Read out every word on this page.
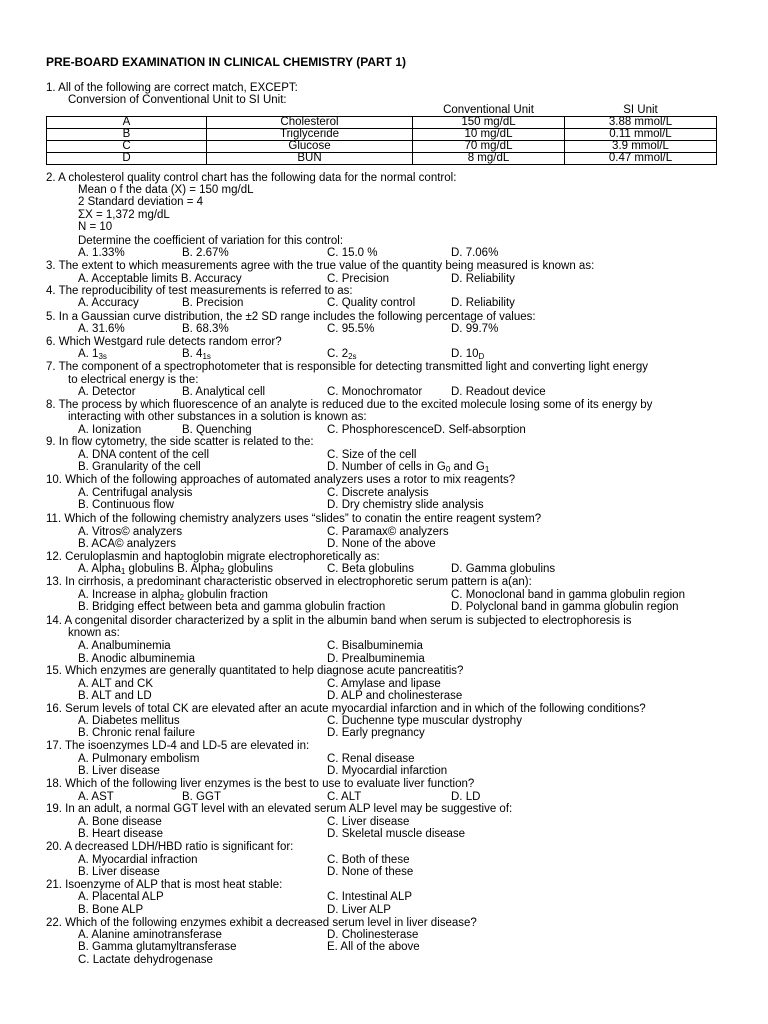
PRE-BOARD EXAMINATION IN CLINICAL CHEMISTRY (PART 1)
		Conventional Unit	SI Unit
A	Cholesterol	150 mg/dL	3.88 mmol/L
B	Triglyceride	10 mg/dL	0.11 mmol/L
C	Glucose	70 mg/dL	3.9 mmol/L
D	BUN	8 mg/dL	0.47 mmol/L
1. All of the following are correct match, EXCEPT:
Conversion of Conventional Unit to SI Unit:
2. A cholesterol quality control chart has the following data for the normal control:
Mean o f the data (X) = 150 mg/dL
2 Standard deviation = 4
ΣX = 1,372 mg/dL
N = 10
Determine the coefficient of variation for this control:
A. 1.33%	B. 2.67%	C. 15.0 %	D. 7.06%
3. The extent to which measurements agree with the true value of the quantity being measured is known as:
A. Acceptable limits B. Accuracy	C. Precision	D. Reliability
4. The reproducibility of test measurements is referred to as:
A. Accuracy	B. Precision	C. Quality control	D. Reliability
5. In a Gaussian curve distribution, the ±2 SD range includes the following percentage of values:
A. 31.6%	B. 68.3%	C. 95.5%	D. 99.7%
6. Which Westgard rule detects random error?
A. $1_{3s}$	B. $4_{1s}$	C. $2_{2s}$	D. $10_D$
7. The component of a spectrophotometer that is responsible for detecting transmitted light and converting light energy
to electrical energy is the:
A. Detector	B. Analytical cell	C. Monochromator	D. Readout device
8. The process by which fluorescence of an analyte is reduced due to the excited molecule losing some of its energy by
interacting with other substances in a solution is known as:
A. Ionization	B. Quenching	C. PhosphorescenceD. Self-absorption
9. In flow cytometry, the side scatter is related to the:
A. DNA content of the cell	C. Size of the cell
B. Granularity of the cell	D. Number of cells in $G_0$ and $G_1$
10. Which of the following approaches of automated analyzers uses a rotor to mix reagents?
A. Centrifugal analysis	C. Discrete analysis
B. Continuous flow	D. Dry chemistry slide analysis
11. Which of the following chemistry analyzers uses “slides” to conatin the entire reagent system?
A. Vitros© analyzers	C. Paramax© analyzers
B. ACA© analyzers	D. None of the above
12. Ceruloplasmin and haptoglobin migrate electrophoretically as:
A. Alpha$_1$ globulins B. Alpha$_2$ globulins	C. Beta globulins	D. Gamma globulins
13. In cirrhosis, a predominant characteristic observed in electrophoretic serum pattern is a(an):
A. Increase in alpha$_2$ globulin fraction	C. Monoclonal band in gamma globulin region
B. Bridging effect between beta and gamma globulin fraction	D. Polyclonal band in gamma globulin region
14. A congenital disorder characterized by a split in the albumin band when serum is subjected to electrophoresis is
known as:
A. Analbuminemia	C. Bisalbuminemia
B. Anodic albuminemia	D. Prealbuminemia
15. Which enzymes are generally quantitated to help diagnose acute pancreatitis?
A. ALT and CK	C. Amylase and lipase
B. ALT and LD	D. ALP and cholinesterase
16. Serum levels of total CK are elevated after an acute myocardial infarction and in which of the following conditions?
A. Diabetes mellitus	C. Duchenne type muscular dystrophy
B. Chronic renal failure	D. Early pregnancy
17. The isoenzymes LD-4 and LD-5 are elevated in:
A. Pulmonary embolism	C. Renal disease
B. Liver disease	D. Myocardial infarction
18. Which of the following liver enzymes is the best to use to evaluate liver function?
A. AST	B. GGT	C. ALT	D. LD
19. In an adult, a normal GGT level with an elevated serum ALP level may be suggestive of:
A. Bone disease	C. Liver disease
B. Heart disease	D. Skeletal muscle disease
20. A decreased LDH/HBD ratio is significant for:
A. Myocardial infraction	C. Both of these
B. Liver disease	D. None of these
21. Isoenzyme of ALP that is most heat stable:
A. Placental ALP	C. Intestinal ALP
B. Bone ALP	D. Liver ALP
22. Which of the following enzymes exhibit a decreased serum level in liver disease?
A. Alanine aminotransferase	D. Cholinesterase
B. Gamma glutamyltransferase	E. All of the above
C. Lactate dehydrogenase
